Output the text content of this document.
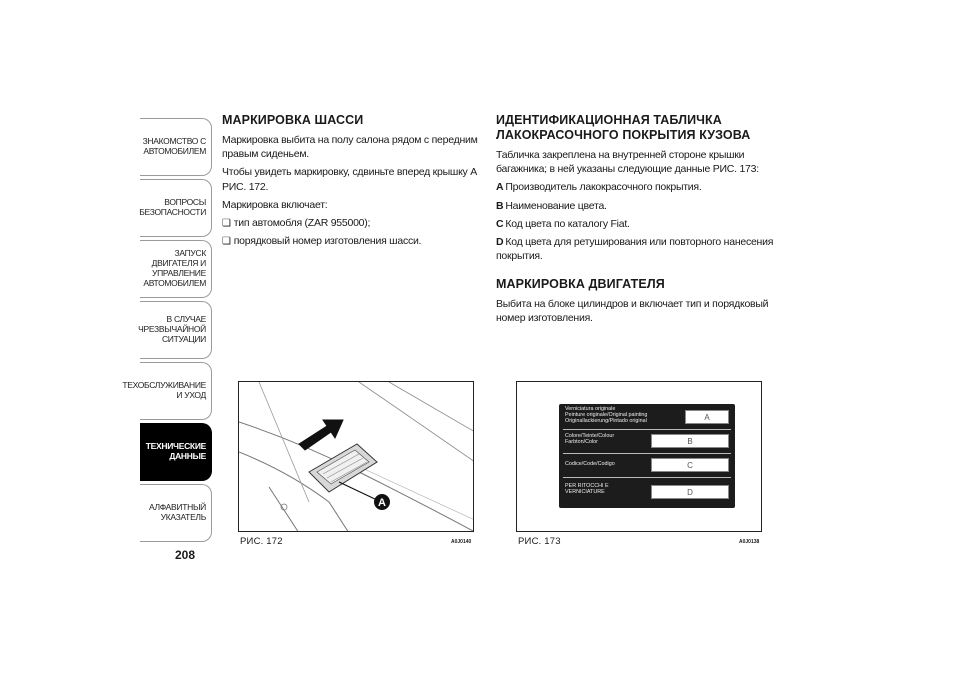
ЗНАКОМСТВО С
АВТОМОБИЛЕМ
ВОПРОСЫ
БЕЗОПАСНОСТИ
ЗАПУСК ДВИГАТЕЛЯ И
УПРАВЛЕНИЕ
АВТОМОБИЛЕМ
В СЛУЧАЕ
ЧРЕЗВЫЧАЙНОЙ
СИТУАЦИИ
ТЕХОБСЛУЖИВАНИЕ
И УХОД
ТЕХНИЧЕСКИЕ
ДАННЫЕ
АЛФАВИТНЫЙ
УКАЗАТЕЛЬ
208
МАРКИРОВКА ШАССИ

Маркировка выбита на полу салона рядом с передним правым сиденьем.

Чтобы увидеть маркировку, сдвиньте вперед крышку A РИС. 172.

Маркировка включает:

❏ тип автомобля (ZAR 955000);

❏ порядковый номер изготовления шасси.

ИДЕНТИФИКАЦИОННАЯ ТАБЛИЧКА
ЛАКОКРАСОЧНОГО ПОКРЫТИЯ КУЗОВА

Табличка закреплена на внутренней стороне крышки багажника; в ней указаны следующие данные РИС. 173:

A Производитель лакокрасочного покрытия.

B Наименование цвета.

C Код цвета по каталогу Fiat.

D Код цвета для ретуширования или повторного нанесения покрытия.

МАРКИРОВКА ДВИГАТЕЛЯ

Выбита на блоке цилиндров и включает тип и порядковый номер изготовления.

A
РИС. 172	A0J0140
Verniciatura originale
Peinture originale/Original painting
Originallackierung/Pintado original	A
Colore/Teinte/Colour
Farbton/Color	B
Codice/Code/Codigo	C
PER RITOCCHI E
VERNICIATURE	D
РИС. 173	A0J0138
